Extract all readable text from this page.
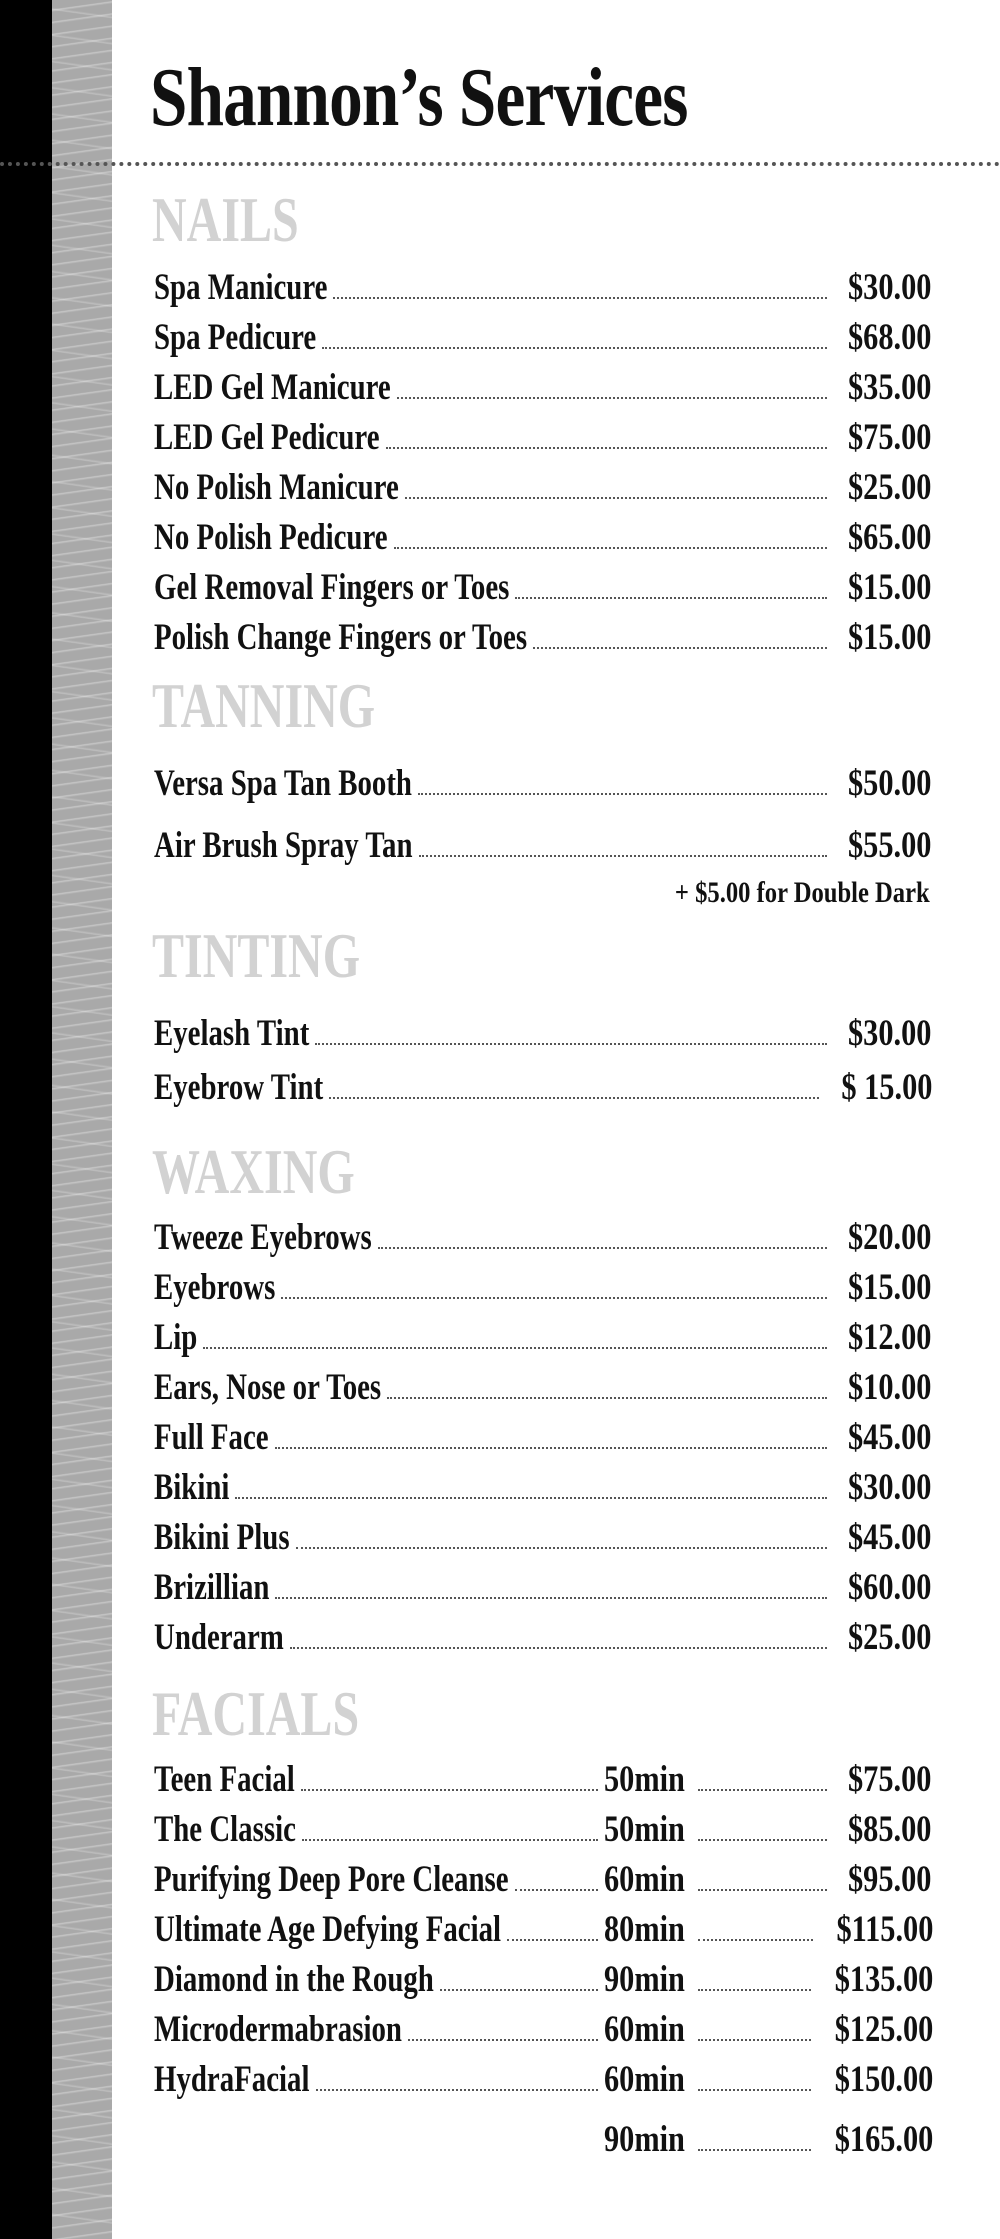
Shannon’s Services
NAILS
Spa Manicure	$30.00
Spa Pedicure	$68.00
LED Gel Manicure	$35.00
LED Gel Pedicure	$75.00
No Polish Manicure	$25.00
No Polish Pedicure	$65.00
Gel Removal Fingers or Toes	$15.00
Polish Change Fingers or Toes	$15.00
TANNING
Versa Spa Tan Booth	$50.00
Air Brush Spray Tan	$55.00
+ $5.00 for Double Dark
TINTING
Eyelash Tint	$30.00
Eyebrow Tint	$ 15.00
WAXING
Tweeze Eyebrows	$20.00
Eyebrows	$15.00
Lip	$12.00
Ears, Nose or Toes	$10.00
Full Face	$45.00
Bikini	$30.00
Bikini Plus	$45.00
Brizillian	$60.00
Underarm	$25.00
FACIALS
Teen Facial	50min	$75.00
The Classic	50min	$85.00
Purifying Deep Pore Cleanse	60min	$95.00
Ultimate Age Defying Facial	80min	$115.00
Diamond in the Rough	90min	$135.00
Microdermabrasion	60min	$125.00
HydraFacial	60min	$150.00
90min	$165.00
